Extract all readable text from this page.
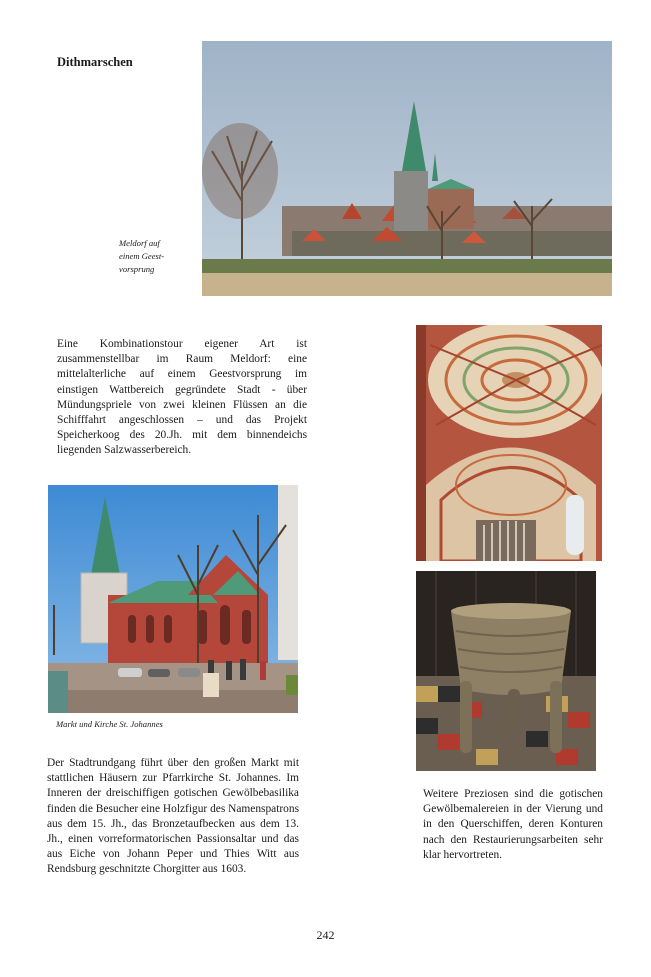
Dithmarschen
Meldorf auf
einem Geest-
vorsprung
Eine Kombinationstour eigener Art ist zusammenstellbar im Raum Meldorf: eine mittelalterliche auf einem Geestvorsprung im einstigen Wattbereich gegründete Stadt - über Mündungspriele von zwei kleinen Flüssen an die Schifffahrt angeschlossen – und das Projekt Speicherkoog des 20.Jh. mit dem binnendeichs liegenden Salzwasserbereich.
Markt und Kirche St. Johannes
Der Stadtrundgang führt über den großen Markt mit stattlichen Häusern zur Pfarrkirche St. Johannes. Im Inneren der dreischiffigen gotischen Gewölbebasilika finden die Besucher eine Holzfigur des Namenspatrons aus dem 15. Jh., das Bronzetaufbecken aus dem 13. Jh., einen vorreformatorischen Passionsaltar und das aus Eiche von Johann Peper und Thies Witt aus Rendsburg geschnitzte Chorgitter aus 1603.
Weitere Preziosen sind die gotischen Gewölbemalereien in der Vierung und in den Querschiffen, deren Konturen nach den Restaurierungsarbeiten sehr klar hervortreten.
242
